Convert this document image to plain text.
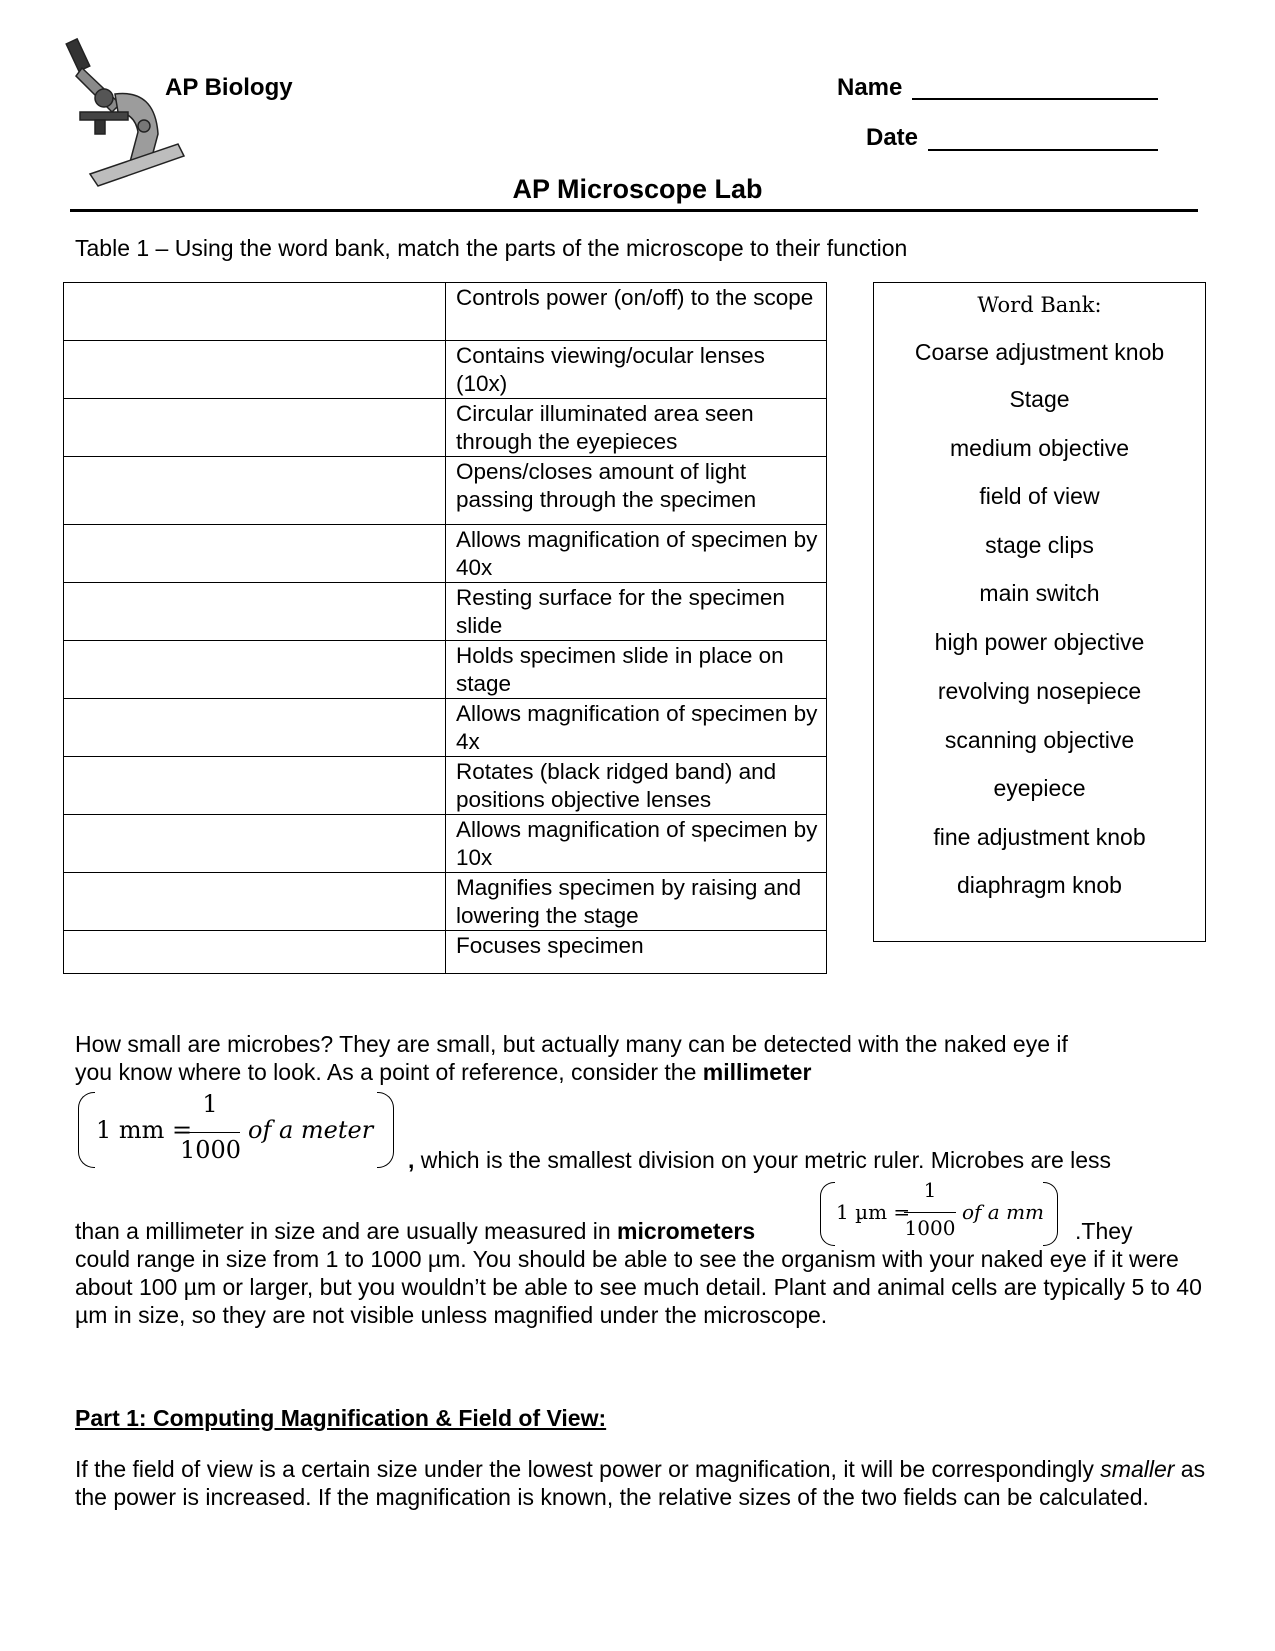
AP Biology	Name
Date
AP Microscope Lab
Table 1 – Using the word bank, match the parts of the microscope to their function
Controls power (on/off) to the scope
Contains viewing/ocular lenses (10x)
Circular illuminated area seen through the eyepieces
Opens/closes amount of light passing through the specimen
Allows magnification of specimen by 40x
Resting surface for the specimen slide
Holds specimen slide in place on stage
Allows magnification of specimen by 4x
Rotates (black ridged band) and positions objective lenses
Allows magnification of specimen by 10x
Magnifies specimen by raising and lowering the stage
Focuses specimen
Word Bank:
Coarse adjustment knob
Stage
medium objective
field of view
stage clips
main switch
high power objective
revolving nosepiece
scanning objective
eyepiece
fine adjustment knob
diaphragm knob
How small are microbes? They are small, but actually many can be detected with the naked eye if
you know where to look. As a point of reference, consider the millimeter
1 mm =
1
1000
of a meter
, which is the smallest division on your metric ruler. Microbes are less
1 µm =
1
1000
of a mm
than a millimeter in size and are usually measured in micrometers	.They
could range in size from 1 to 1000 µm. You should be able to see the organism with your naked eye if it were about 100 µm or larger, but you wouldn’t be able to see much detail. Plant and animal cells are typically 5 to 40 µm in size, so they are not visible unless magnified under the microscope.
Part 1: Computing Magnification & Field of View:
If the field of view is a certain size under the lowest power or magnification, it will be correspondingly smaller as the power is increased. If the magnification is known, the relative sizes of the two fields can be calculated.
